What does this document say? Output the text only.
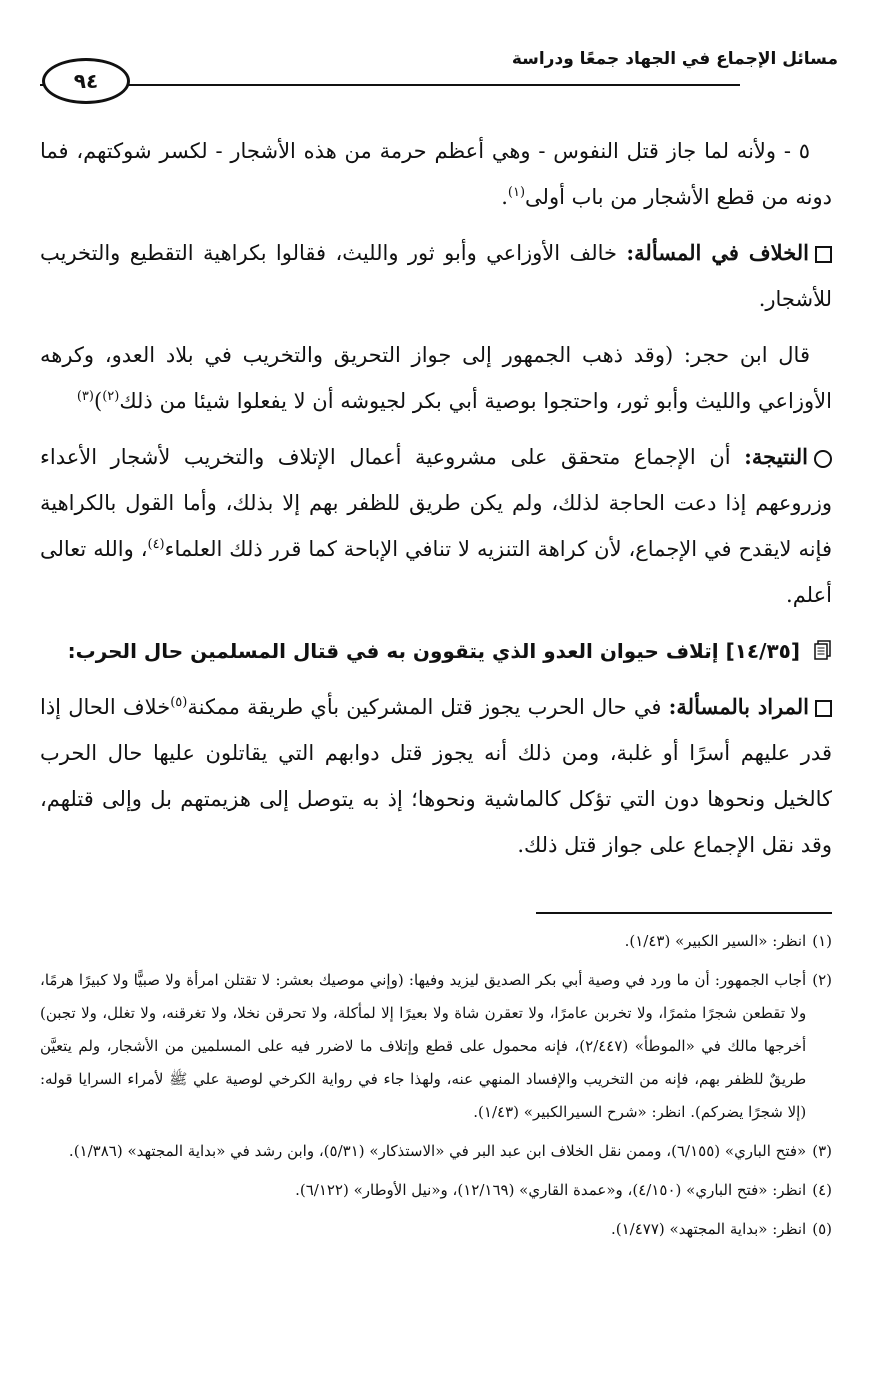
مسائل الإجماع في الجهاد جمعًا ودراسة
٩٤

٥ - ولأنه لما جاز قتل النفوس - وهي أعظم حرمة من هذه الأشجار - لكسر شوكتهم، فما دونه من قطع الأشجار من باب أولى$^{(١)}$.

الخلاف في المسألة: خالف الأوزاعي وأبو ثور والليث، فقالوا بكراهية التقطيع والتخريب للأشجار.

قال ابن حجر: (وقد ذهب الجمهور إلى جواز التحريق والتخريب في بلاد العدو، وكرهه الأوزاعي والليث وأبو ثور، واحتجوا بوصية أبي بكر لجيوشه أن لا يفعلوا شيئا من ذلك$^{(٢)}$)$^{(٣)}$

النتيجة: أن الإجماع متحقق على مشروعية أعمال الإتلاف والتخريب لأشجار الأعداء وزروعهم إذا دعت الحاجة لذلك، ولم يكن طريق للظفر بهم إلا بذلك، وأما القول بالكراهية فإنه لايقدح في الإجماع، لأن كراهة التنزيه لا تنافي الإباحة كما قرر ذلك العلماء$^{(٤)}$، والله تعالى أعلم.

[١٤/٣٥] إتلاف حيوان العدو الذي يتقوون به في قتال المسلمين حال الحرب:

المراد بالمسألة: في حال الحرب يجوز قتل المشركين بأي طريقة ممكنة$^{(٥)}$خلاف الحال إذا قدر عليهم أسرًا أو غلبة، ومن ذلك أنه يجوز قتل دوابهم التي يقاتلون عليها حال الحرب كالخيل ونحوها دون التي تؤكل كالماشية ونحوها؛ إذ به يتوصل إلى هزيمتهم بل وإلى قتلهم، وقد نقل الإجماع على جواز قتل ذلك.

(١)
انظر: «السير الكبير» (١/٤٣).
(٢)
أجاب الجمهور: أن ما ورد في وصية أبي بكر الصديق ليزيد وفيها: (وإني موصيك بعشر: لا تقتلن امرأة ولا صبيًّا ولا كبيرًا هرمًا، ولا تقطعن شجرًا مثمرًا، ولا تخربن عامرًا، ولا تعقرن شاة ولا بعيرًا إلا لمأكلة، ولا تحرقن نخلا، ولا تغرقنه، ولا تغلل، ولا تجبن) أخرجها مالك في «الموطأ» (٢/٤٤٧)، فإنه محمول على قطع وإتلاف ما لاضرر فيه على المسلمين من الأشجار، ولم يتعيَّن طريقٌ للظفر بهم، فإنه من التخريب والإفساد المنهي عنه، ولهذا جاء في رواية الكرخي لوصية علي ﷺ لأمراء السرايا قوله: (إلا شجرًا يضركم). انظر: «شرح السيرالكبير» (١/٤٣).
(٣)
«فتح الباري» (٦/١٥٥)، وممن نقل الخلاف ابن عبد البر في «الاستذكار» (٥/٣١)، وابن رشد في «بداية المجتهد» (١/٣٨٦).
(٤)
انظر: «فتح الباري» (٤/١٥٠)، و«عمدة القاري» (١٢/١٦٩)، و«نيل الأوطار» (٦/١٢٢).
(٥)
انظر: «بداية المجتهد» (١/٤٧٧).
